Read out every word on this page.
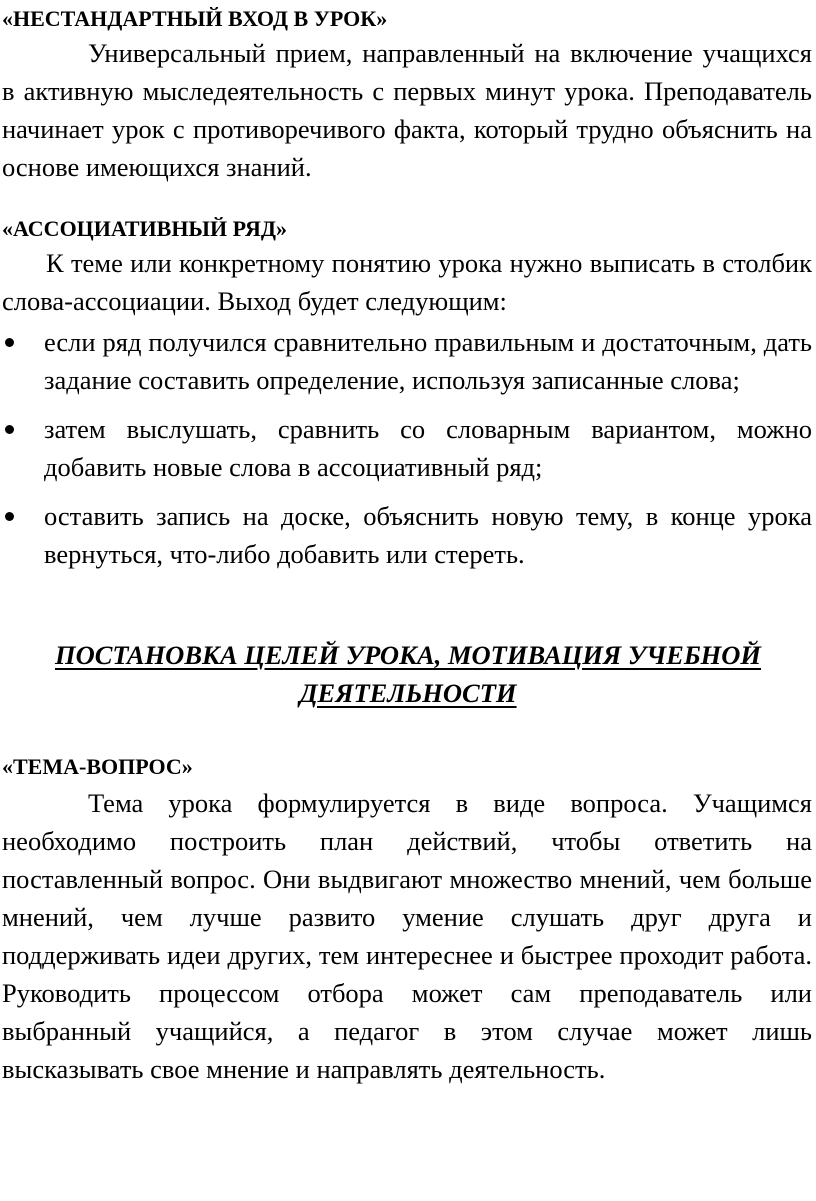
«НЕСТАНДАРТНЫЙ ВХОД В УРОК»
Универсальный прием, направленный на включение учащихся в активную мыследеятельность с первых минут урока. Преподаватель начинает урок с противоречивого факта, который трудно объяснить на основе имеющихся знаний.
«АССОЦИАТИВНЫЙ РЯД»
К теме или конкретному понятию урока нужно выписать в столбик слова-ассоциации. Выход будет следующим:
если ряд получился сравнительно правильным и достаточным, дать задание составить определение, используя записанные слова;
затем выслушать, сравнить со словарным вариантом, можно добавить новые слова в ассоциативный ряд;
оставить запись на доске, объяснить новую тему, в конце урока вернуться, что-либо добавить или стереть.
ПОСТАНОВКА ЦЕЛЕЙ УРОКА, МОТИВАЦИЯ УЧЕБНОЙ ДЕЯТЕЛЬНОСТИ
«ТЕМА-ВОПРОС»
Тема урока формулируется в виде вопроса. Учащимся необходимо построить план действий, чтобы ответить на поставленный вопрос. Они выдвигают множество мнений, чем больше мнений, чем лучше развито умение слушать друг друга и поддерживать идеи других, тем интереснее и быстрее проходит работа. Руководить процессом отбора может сам преподаватель или выбранный учащийся, а педагог в этом случае может лишь высказывать свое мнение и направлять деятельность.
